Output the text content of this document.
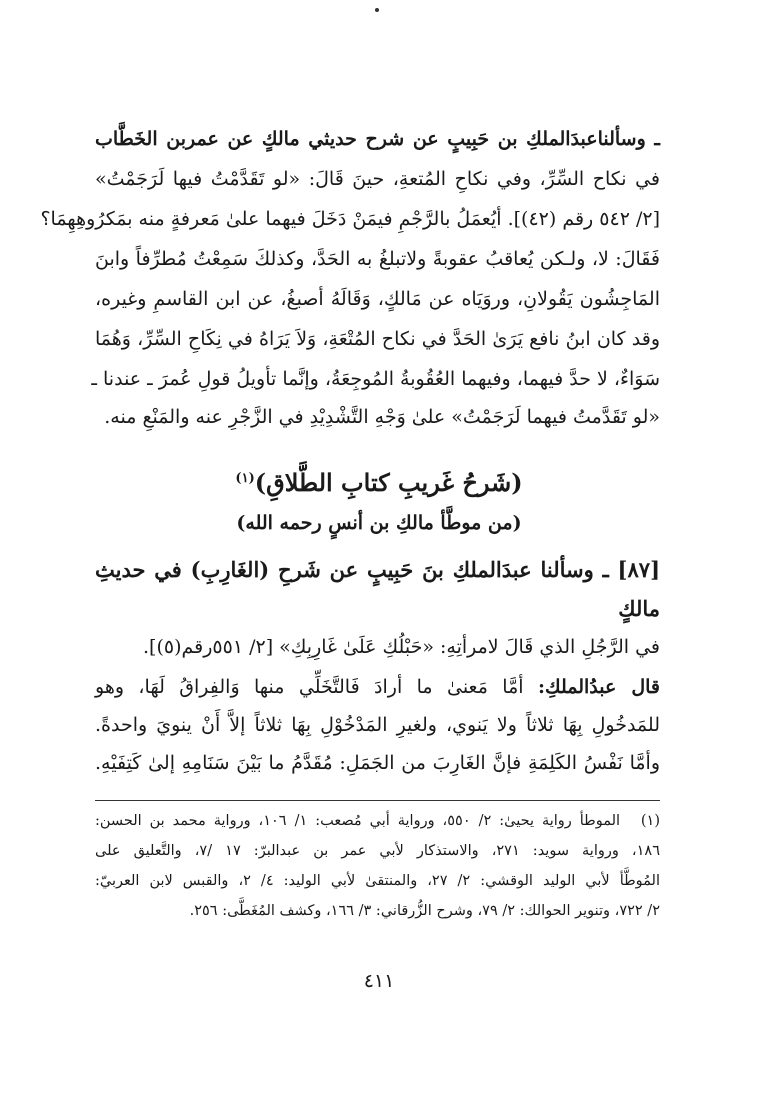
ـ وسألناعبدَالملكِ بن حَبِيبٍ عن شرح حديثي مالكٍ عن عمربن الخَطَّاب
في نكاح السِّرِّ، وفي نكاحِ المُتعةِ، حينَ قَالَ: «لو تَقَدَّمْتُ فيها لَرَجَمْتُ»
[٢/ ٥٤٢ رقم (٤٢)]. أيُعمَلُ بالرَّجْمِ فيمَنْ دَخَلَ فيهما علىٰ مَعرفةٍ منه بمَكرُوهِهِمَا؟
فَقَالَ: لا، ولـكن يُعاقبُ عقوبةً ولاتبلغُ به الحَدَّ، وكذلكَ سَمِعْتُ مُطرِّفاً وابنَ
المَاجِشُون يَقُولانِ، وروَيَاه عن مَالكٍ، وَقَالَهُ أصبغُ، عن ابن القاسمِ وغيره،
وقد كان ابنُ نافع يَرَىٰ الحَدَّ في نكاح المُتْعَةِ، وَلاَ يَرَاهُ في نِكَاحِ السِّرِّ، وَهُمَا
سَوَاءٌ، لا حدَّ فيهما، وفيهما العُقُوبةُ المُوجِعَةُ، وإنَّما تأويلُ قولِ عُمرَ ـ عندنا ـ
«لو تَقَدَّمتُ فيهما لَرَجَمْتُ» علىٰ وَجْهِ التَّشْدِيْدِ في الزَّجْرِ عنه والمَنْعِ منه.
(شَرحُ غَريبِ كتابِ الطَّلاقِ)$^{(١)}$
(من موطَّأ مالكِ بن أنسٍ رحمه الله)
[٨٧] ـ وسألنا عبدَالملكِ بنَ حَبِيبٍ عن شَرحِ (الغَارِبِ) في حديثِ
مالكٍ
في الرَّجُلِ الذي قَالَ لامرأتِهِ: «حَبْلُكِ عَلَىٰ غَارِبِكِ» [٢/ ٥٥١رقم(٥)].
قال عبدُالملكِ: أمَّا مَعنىٰ ما أرادَ فَالتَّخَلِّي منها وَالفِراقُ لَهَا، وهو
للمَدخُولِ بِهَا ثلاثاً ولا يَنوي، ولغيرِ المَدْخُوْلِ بِهَا ثلاثاً إلاَّ أَنْ ينويَ واحدةً.
وأمَّا نَفْسُ الكَلِمَةِ فإنَّ الغَارِبَ من الجَمَلِ: مُقَدَّمُ ما بَيْنَ سَنَامِهِ إلىٰ كَتِفَيْهِ.
(١)
الموطأ رواية يحيىٰ: ٢/ ٥٥٠، ورواية أبي مُصعب: ١/ ١٠٦، ورواية محمد بن الحسن:
١٨٦، ورواية سويد: ٢٧١، والاستذكار لأبي عمر بن عبدالبرّ: ١٧ /٧، والتَّعليق على
المُوطَّأ لأبي الوليد الوقشي: ٢/ ٢٧، والمنتقىٰ لأبي الوليد: ٤/ ٢، والقبس لابن العربيّ:
٢/ ٧٢٢، وتنوير الحوالك: ٢/ ٧٩، وشرح الزُّرقاني: ٣/ ١٦٦، وكشف المُغَطَّى: ٢٥٦.
٤١١
